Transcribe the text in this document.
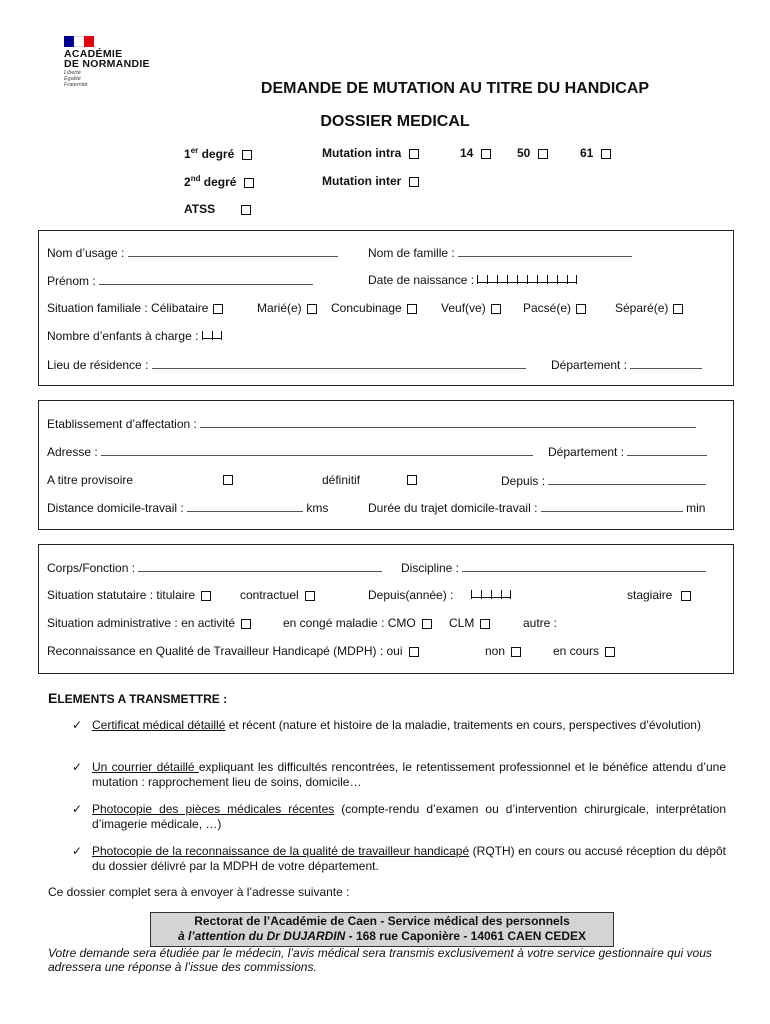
ACADÉMIE
DE NORMANDIE
Liberté
Égalité
Fraternité	DEMANDE DE MUTATION AU TITRE DU HANDICAP
DOSSIER MEDICAL
1er degré
2nd degré
ATSS
Mutation intra
Mutation inter
14	50	61
Nom d’usage :	Nom de famille :
Prénom :	Date de naissance :
Situation familiale : Célibataire	Marié(e)	Concubinage	Veuf(ve)	Pacsé(e)	Séparé(e)
Nombre d’enfants à charge :
Lieu de résidence :	Département :
Etablissement d’affectation :
Adresse :	Département :
A titre provisoire	définitif	Depuis :
Distance domicile-travail :	kms	Durée du trajet domicile-travail :	min
Corps/Fonction :	Discipline :
Situation statutaire : titulaire	contractuel	Depuis(année) :	stagiaire
Situation administrative : en activité	en congé maladie : CMO	CLM	autre :
Reconnaissance en Qualité de Travailleur Handicapé (MDPH) : oui	non	en cours
ELEMENTS A TRANSMETTRE :
✓ Certificat médical détaillé et récent (nature et histoire de la maladie, traitements en cours, perspectives d’évolution)
✓ Un courrier détaillé expliquant les difficultés rencontrées, le retentissement professionnel et le bénéfice attendu d’une mutation : rapprochement lieu de soins, domicile…
✓ Photocopie des pièces médicales récentes (compte-rendu d’examen ou d’intervention chirurgicale, interprétation d’imagerie médicale, …)
✓ Photocopie de la reconnaissance de la qualité de travailleur handicapé (RQTH) en cours ou accusé réception du dépôt du dossier délivré par la MDPH de votre département.
Ce dossier complet sera à envoyer à l’adresse suivante :
Rectorat de l’Académie de Caen - Service médical des personnels
à l’attention du Dr DUJARDIN - 168 rue Caponière - 14061 CAEN CEDEX
Votre demande sera étudiée par le médecin, l’avis médical sera transmis exclusivement à votre service gestionnaire qui vous adressera une réponse à l’issue des commissions.
